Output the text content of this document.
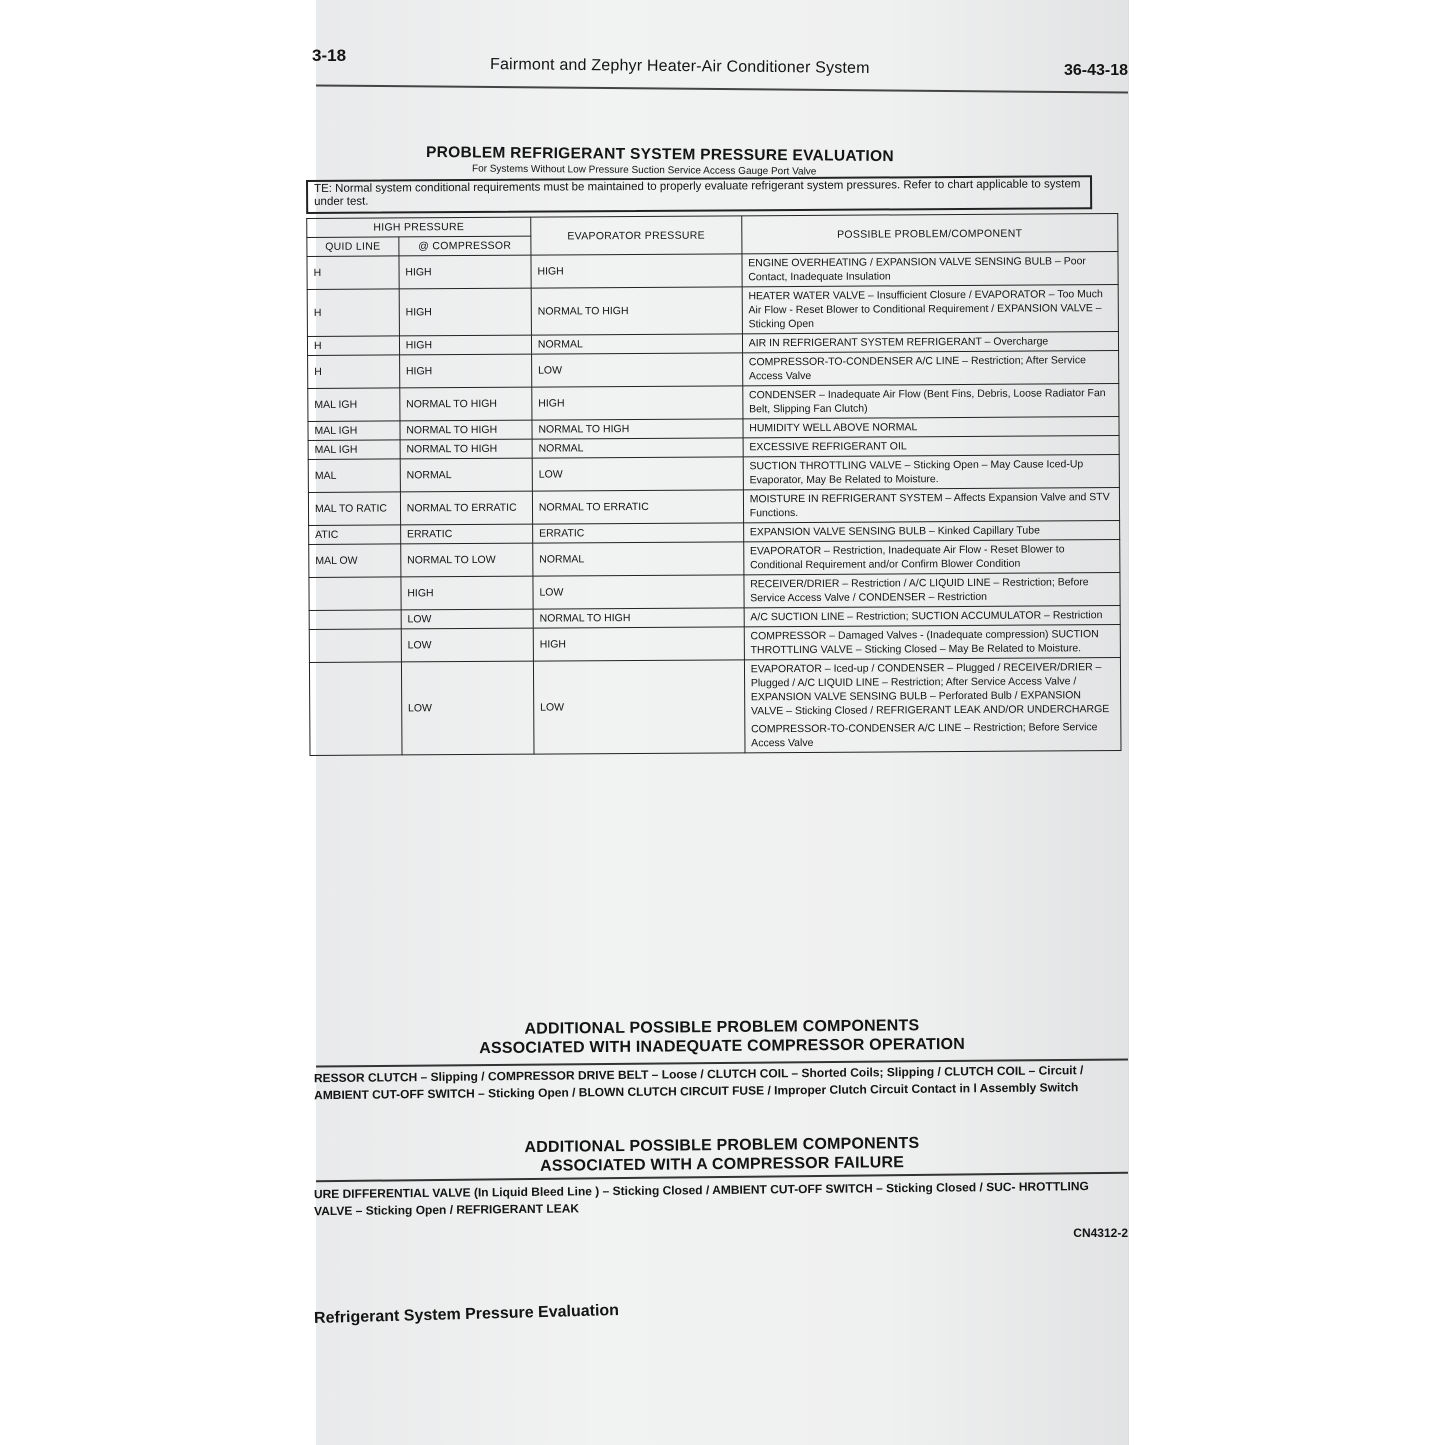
3-18
Fairmont and Zephyr Heater-Air Conditioner System	36-43-18
PROBLEM REFRIGERANT SYSTEM PRESSURE EVALUATION
For Systems Without Low Pressure Suction Service Access Gauge Port Valve
TE: Normal system conditional requirements must be maintained to properly evaluate refrigerant system pressures. Refer to chart applicable to system under test.
HIGH PRESSURE		EVAPORATOR PRESSURE	POSSIBLE PROBLEM/COMPONENT
QUID LINE	@ COMPRESSOR		

H	HIGH	HIGH	ENGINE OVERHEATING / EXPANSION VALVE SENSING BULB – Poor Contact, Inadequate Insulation

H	HIGH	NORMAL TO HIGH	HEATER WATER VALVE – Insufficient Closure / EVAPORATOR – Too Much Air Flow - Reset Blower to Conditional Requirement / EXPANSION VALVE – Sticking Open

H	HIGH	NORMAL	AIR IN REFRIGERANT SYSTEM REFRIGERANT – Overcharge

H	HIGH	LOW	COMPRESSOR-TO-CONDENSER A/C LINE – Restriction; After Service Access Valve

MAL IGH	NORMAL TO HIGH	HIGH	CONDENSER – Inadequate Air Flow (Bent Fins, Debris, Loose Radiator Fan Belt, Slipping Fan Clutch)

MAL IGH	NORMAL TO HIGH	NORMAL TO HIGH	HUMIDITY WELL ABOVE NORMAL

MAL IGH	NORMAL TO HIGH	NORMAL	EXCESSIVE REFRIGERANT OIL

MAL	NORMAL	LOW	SUCTION THROTTLING VALVE – Sticking Open – May Cause Iced-Up Evaporator, May Be Related to Moisture.

MAL TO RATIC	NORMAL TO ERRATIC	NORMAL TO ERRATIC	MOISTURE IN REFRIGERANT SYSTEM – Affects Expansion Valve and STV Functions.

ATIC	ERRATIC	ERRATIC	EXPANSION VALVE SENSING BULB – Kinked Capillary Tube

MAL OW	NORMAL TO LOW	NORMAL	EVAPORATOR – Restriction, Inadequate Air Flow - Reset Blower to Conditional Requirement and/or Confirm Blower Condition

	HIGH	LOW	RECEIVER/DRIER – Restriction / A/C LIQUID LINE – Restriction; Before Service Access Valve / CONDENSER – Restriction

	LOW	NORMAL TO HIGH	A/C SUCTION LINE – Restriction; SUCTION ACCUMULATOR – Restriction

	LOW	HIGH	COMPRESSOR – Damaged Valves - (Inadequate compression) SUCTION THROTTLING VALVE – Sticking Closed – May Be Related to Moisture.

	LOW	LOW	EVAPORATOR – Iced-up / CONDENSER – Plugged / RECEIVER/DRIER – Plugged / A/C LIQUID LINE – Restriction; After Service Access Valve / EXPANSION VALVE SENSING BULB – Perforated Bulb / EXPANSION VALVE – Sticking Closed / REFRIGERANT LEAK AND/OR UNDERCHARGE
COMPRESSOR-TO-CONDENSER A/C LINE – Restriction; Before Service Access Valve
ADDITIONAL POSSIBLE PROBLEM COMPONENTS
ASSOCIATED WITH INADEQUATE COMPRESSOR OPERATION
RESSOR CLUTCH – Slipping / COMPRESSOR DRIVE BELT – Loose / CLUTCH COIL – Shorted Coils; Slipping / CLUTCH COIL – Circuit / AMBIENT CUT-OFF SWITCH – Sticking Open / BLOWN CLUTCH CIRCUIT FUSE / Improper Clutch Circuit Contact in l Assembly Switch
ADDITIONAL POSSIBLE PROBLEM COMPONENTS
ASSOCIATED WITH A COMPRESSOR FAILURE
URE DIFFERENTIAL VALVE (In Liquid Bleed Line ) – Sticking Closed / AMBIENT CUT-OFF SWITCH – Sticking Closed / SUC- HROTTLING VALVE – Sticking Open / REFRIGERANT LEAK
CN4312-2
Refrigerant System Pressure Evaluation
